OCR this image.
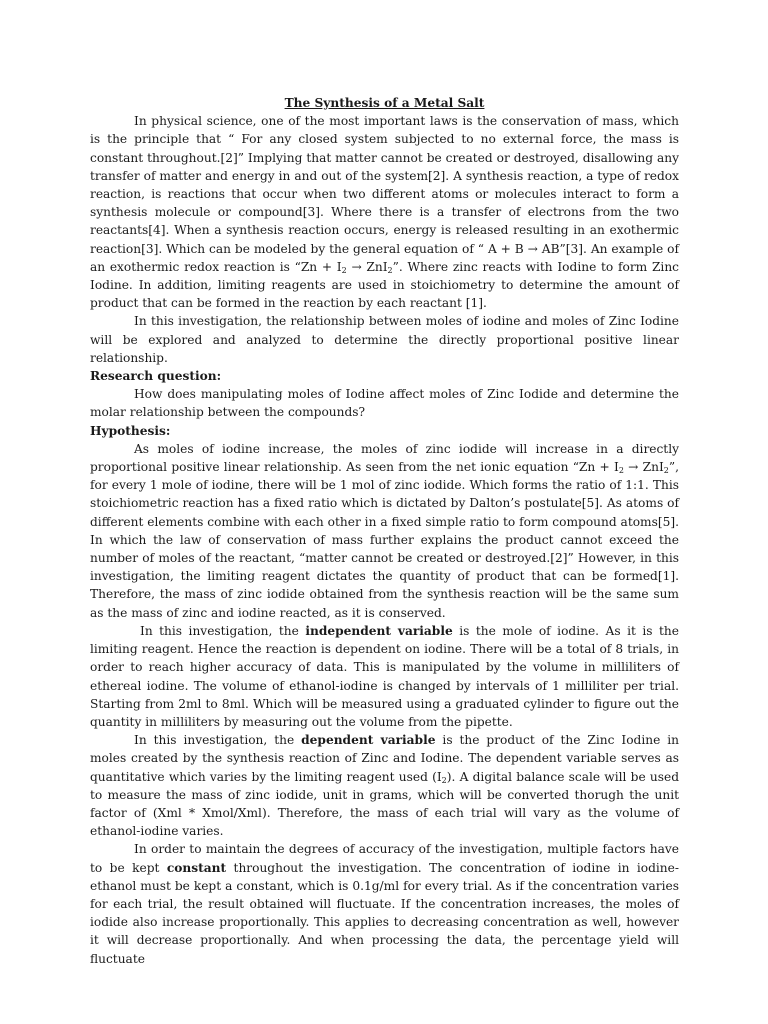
The Synthesis of a Metal Salt

In physical science, one of the most important laws is the conservation of mass, which is the principle that “ For any closed system subjected to no external force, the mass is constant throughout.[2]” Implying that matter cannot be created or destroyed, disallowing any transfer of matter and energy in and out of the system[2]. A synthesis reaction, a type of redox reaction, is reactions that occur when two different atoms or molecules interact to form a synthesis molecule or compound[3]. Where there is a transfer of electrons from the two reactants[4]. When a synthesis reaction occurs, energy is released resulting in an exothermic reaction[3]. Which can be modeled by the general equation of “ A + B → AB”[3]. An example of an exothermic redox reaction is “$Zn + I_2 \to ZnI_2$”. Where zinc reacts with Iodine to form Zinc Iodine. In addition, limiting reagents are used in stoichiometry to determine the amount of product that can be formed in the reaction by each reactant [1].

In this investigation, the relationship between moles of iodine and moles of Zinc Iodine will be explored and analyzed to determine the directly proportional positive linear relationship.

Research question:

How does manipulating moles of Iodine affect moles of Zinc Iodide and determine the molar relationship between the compounds?

Hypothesis:

As moles of iodine increase, the moles of zinc iodide will increase in a directly proportional positive linear relationship. As seen from the net ionic equation “$Zn + I_2 \to ZnI_2$”, for every 1 mole of iodine, there will be 1 mol of zinc iodide. Which forms the ratio of 1:1. This stoichiometric reaction has a fixed ratio which is dictated by Dalton’s postulate[5]. As atoms of different elements combine with each other in a fixed simple ratio to form compound atoms[5]. In which the law of conservation of mass further explains the product cannot exceed the number of moles of the reactant, “matter cannot be created or destroyed.[2]” However, in this investigation, the limiting reagent dictates the quantity of product that can be formed[1]. Therefore, the mass of zinc iodide obtained from the synthesis reaction will be the same sum as the mass of zinc and iodine reacted, as it is conserved.

In this investigation, the independent variable is the mole of iodine. As it is the limiting reagent. Hence the reaction is dependent on iodine. There will be a total of 8 trials, in order to reach higher accuracy of data. This is manipulated by the volume in milliliters of ethereal iodine. The volume of ethanol-iodine is changed by intervals of 1 milliliter per trial. Starting from 2ml to 8ml. Which will be measured using a graduated cylinder to figure out the quantity in milliliters by measuring out the volume from the pipette.

In this investigation, the dependent variable is the product of the Zinc Iodine in moles created by the synthesis reaction of Zinc and Iodine. The dependent variable serves as quantitative which varies by the limiting reagent used $(I_2)$. A digital balance scale will be used to measure the mass of zinc iodide, unit in grams, which will be converted thorugh the unit factor of (Xml * Xmol/Xml). Therefore, the mass of each trial will vary as the volume of ethanol-iodine varies.

In order to maintain the degrees of accuracy of the investigation, multiple factors have to be kept constant throughout the investigation. The concentration of iodine in iodine-ethanol must be kept a constant, which is 0.1g/ml for every trial. As if the concentration varies for each trial, the result obtained will fluctuate. If the concentration increases, the moles of iodide also increase proportionally. This applies to decreasing concentration as well, however it will decrease proportionally. And when processing the data, the percentage yield will fluctuate
